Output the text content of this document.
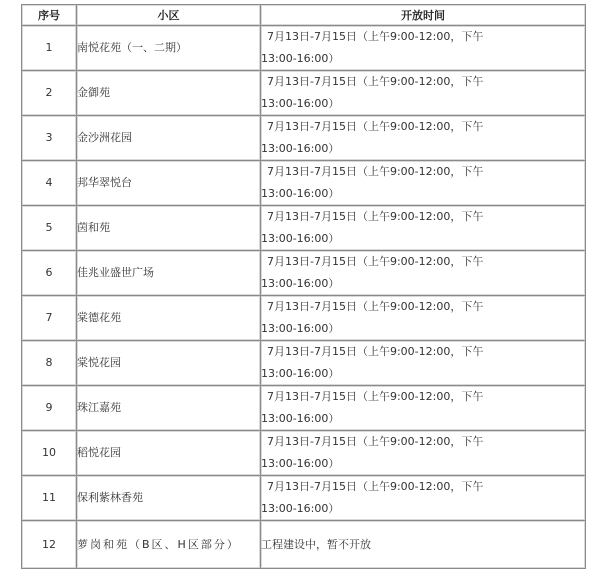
序号	小区	开放时间
1	南悦花苑（一、二期）	7月13日-7月15日（上午9:00-12:00，下午
13:00-16:00）

2	金御苑	7月13日-7月15日（上午9:00-12:00，下午
13:00-16:00）

3	金沙洲花园	7月13日-7月15日（上午9:00-12:00，下午
13:00-16:00）

4	邦华翠悦台	7月13日-7月15日（上午9:00-12:00，下午
13:00-16:00）

5	茵和苑	7月13日-7月15日（上午9:00-12:00，下午
13:00-16:00）

6	佳兆业盛世广场	7月13日-7月15日（上午9:00-12:00，下午
13:00-16:00）

7	棠德花苑	7月13日-7月15日（上午9:00-12:00，下午
13:00-16:00）

8	棠悦花园	7月13日-7月15日（上午9:00-12:00，下午
13:00-16:00）

9	珠江嘉苑	7月13日-7月15日（上午9:00-12:00，下午
13:00-16:00）

10	稻悦花园	7月13日-7月15日（上午9:00-12:00，下午
13:00-16:00）

11	保利紫林香苑	7月13日-7月15日（上午9:00-12:00，下午
13:00-16:00）

12	萝岗和苑（B区、H区部分）	工程建设中，暂不开放
